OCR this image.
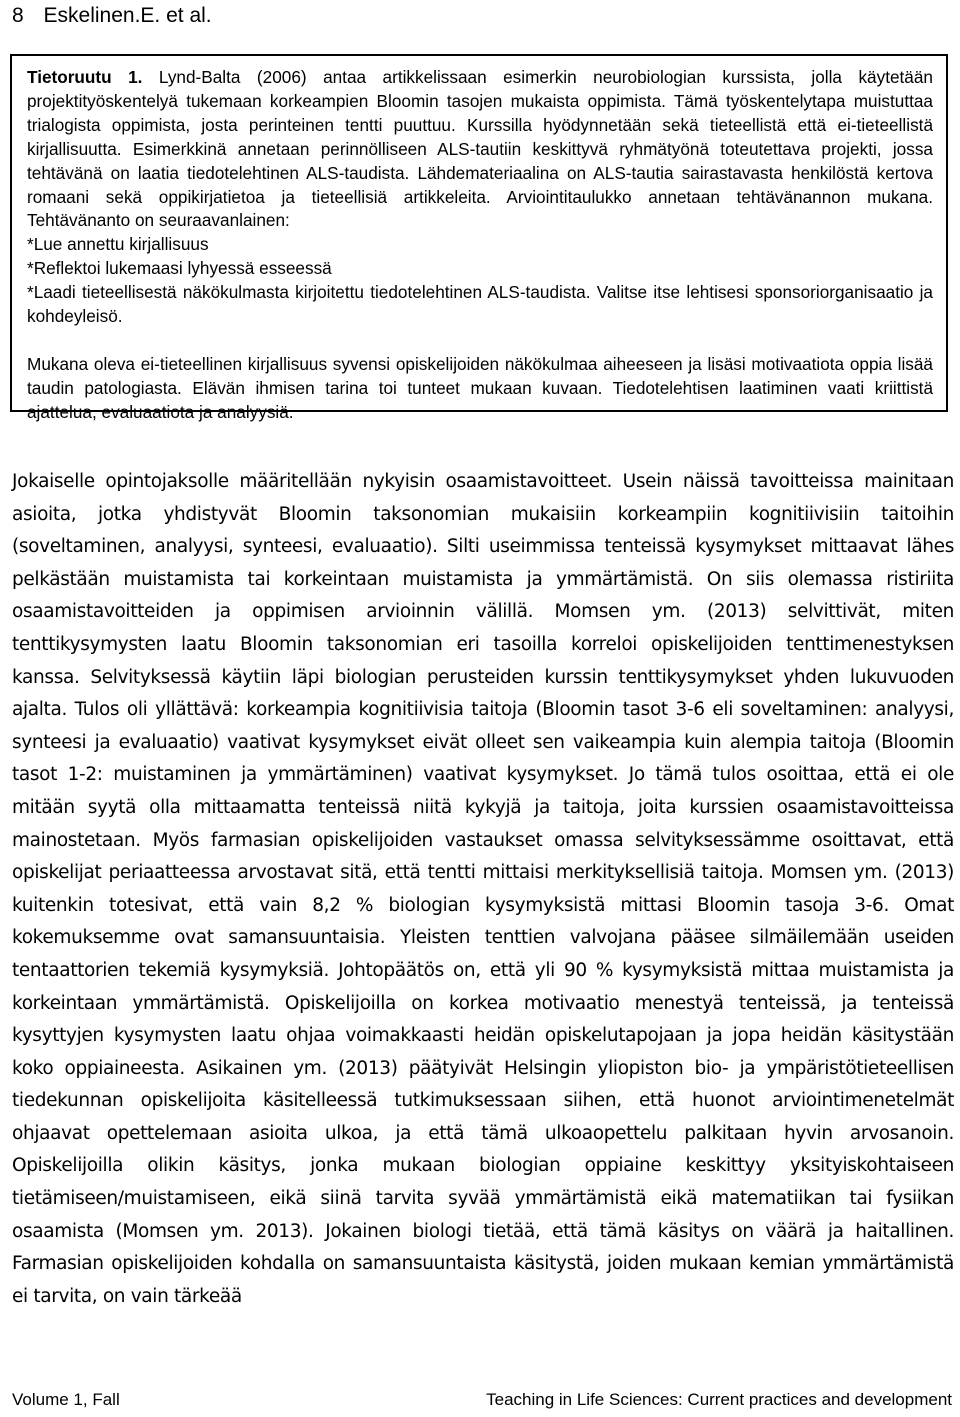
8 Eskelinen.E. et al.

Tietoruutu 1. Lynd-Balta (2006) antaa artikkelissaan esimerkin neurobiologian kurssista, jolla käytetään projektityöskentelyä tukemaan korkeampien Bloomin tasojen mukaista oppimista. Tämä työskentelytapa muistuttaa trialogista oppimista, josta perinteinen tentti puuttuu. Kurssilla hyödynnetään sekä tieteellistä että ei-tieteellistä kirjallisuutta. Esimerkkinä annetaan perinnölliseen ALS-tautiin keskittyvä ryhmätyönä toteutettava projekti, jossa tehtävänä on laatia tiedotelehtinen ALS-taudista. Lähdemateriaalina on ALS-tautia sairastavasta henkilöstä kertova romaani sekä oppikirjatietoa ja tieteellisiä artikkeleita. Arviointitaulukko annetaan tehtävänannon mukana. Tehtävänanto on seuraavanlainen:

*Lue annettu kirjallisuus

*Reflektoi lukemaasi lyhyessä esseessä

*Laadi tieteellisestä näkökulmasta kirjoitettu tiedotelehtinen ALS-taudista. Valitse itse lehtisesi sponsoriorganisaatio ja kohdeyleisö.

Mukana oleva ei-tieteellinen kirjallisuus syvensi opiskelijoiden näkökulmaa aiheeseen ja lisäsi motivaatiota oppia lisää taudin patologiasta. Elävän ihmisen tarina toi tunteet mukaan kuvaan. Tiedotelehtisen laatiminen vaati kriittistä ajattelua, evaluaatiota ja analyysiä.

Jokaiselle opintojaksolle määritellään nykyisin osaamistavoitteet. Usein näissä tavoitteissa mainitaan asioita, jotka yhdistyvät Bloomin taksonomian mukaisiin korkeampiin kognitiivisiin taitoihin (soveltaminen, analyysi, synteesi, evaluaatio). Silti useimmissa tenteissä kysymykset mittaavat lähes pelkästään muistamista tai korkeintaan muistamista ja ymmärtämistä. On siis olemassa ristiriita osaamistavoitteiden ja oppimisen arvioinnin välillä. Momsen ym. (2013) selvittivät, miten tenttikysymysten laatu Bloomin taksonomian eri tasoilla korreloi opiskelijoiden tenttimenestyksen kanssa. Selvityksessä käytiin läpi biologian perusteiden kurssin tenttikysymykset yhden lukuvuoden ajalta. Tulos oli yllättävä: korkeampia kognitiivisia taitoja (Bloomin tasot 3-6 eli soveltaminen: analyysi, synteesi ja evaluaatio) vaativat kysymykset eivät olleet sen vaikeampia kuin alempia taitoja (Bloomin tasot 1-2: muistaminen ja ymmärtäminen) vaativat kysymykset. Jo tämä tulos osoittaa, että ei ole mitään syytä olla mittaamatta tenteissä niitä kykyjä ja taitoja, joita kurssien osaamistavoitteissa mainostetaan. Myös farmasian opiskelijoiden vastaukset omassa selvityksessämme osoittavat, että opiskelijat periaatteessa arvostavat sitä, että tentti mittaisi merkityksellisiä taitoja. Momsen ym. (2013) kuitenkin totesivat, että vain 8,2 % biologian kysymyksistä mittasi Bloomin tasoja 3-6. Omat kokemuksemme ovat samansuuntaisia. Yleisten tenttien valvojana pääsee silmäilemään useiden tentaattorien tekemiä kysymyksiä. Johtopäätös on, että yli 90 % kysymyksistä mittaa muistamista ja korkeintaan ymmärtämistä. Opiskelijoilla on korkea motivaatio menestyä tenteissä, ja tenteissä kysyttyjen kysymysten laatu ohjaa voimakkaasti heidän opiskelutapojaan ja jopa heidän käsitystään koko oppiaineesta. Asikainen ym. (2013) päätyivät Helsingin yliopiston bio- ja ympäristötieteellisen tiedekunnan opiskelijoita käsitelleessä tutkimuksessaan siihen, että huonot arviointimenetelmät ohjaavat opettelemaan asioita ulkoa, ja että tämä ulkoaopettelu palkitaan hyvin arvosanoin. Opiskelijoilla olikin käsitys, jonka mukaan biologian oppiaine keskittyy yksityiskohtaiseen tietämiseen/muistamiseen, eikä siinä tarvita syvää ymmärtämistä eikä matematiikan tai fysiikan osaamista (Momsen ym. 2013). Jokainen biologi tietää, että tämä käsitys on väärä ja haitallinen. Farmasian opiskelijoiden kohdalla on samansuuntaista käsitystä, joiden mukaan kemian ymmärtämistä ei tarvita, on vain tärkeää

Volume 1, Fall	Teaching in Life Sciences: Current practices and development
